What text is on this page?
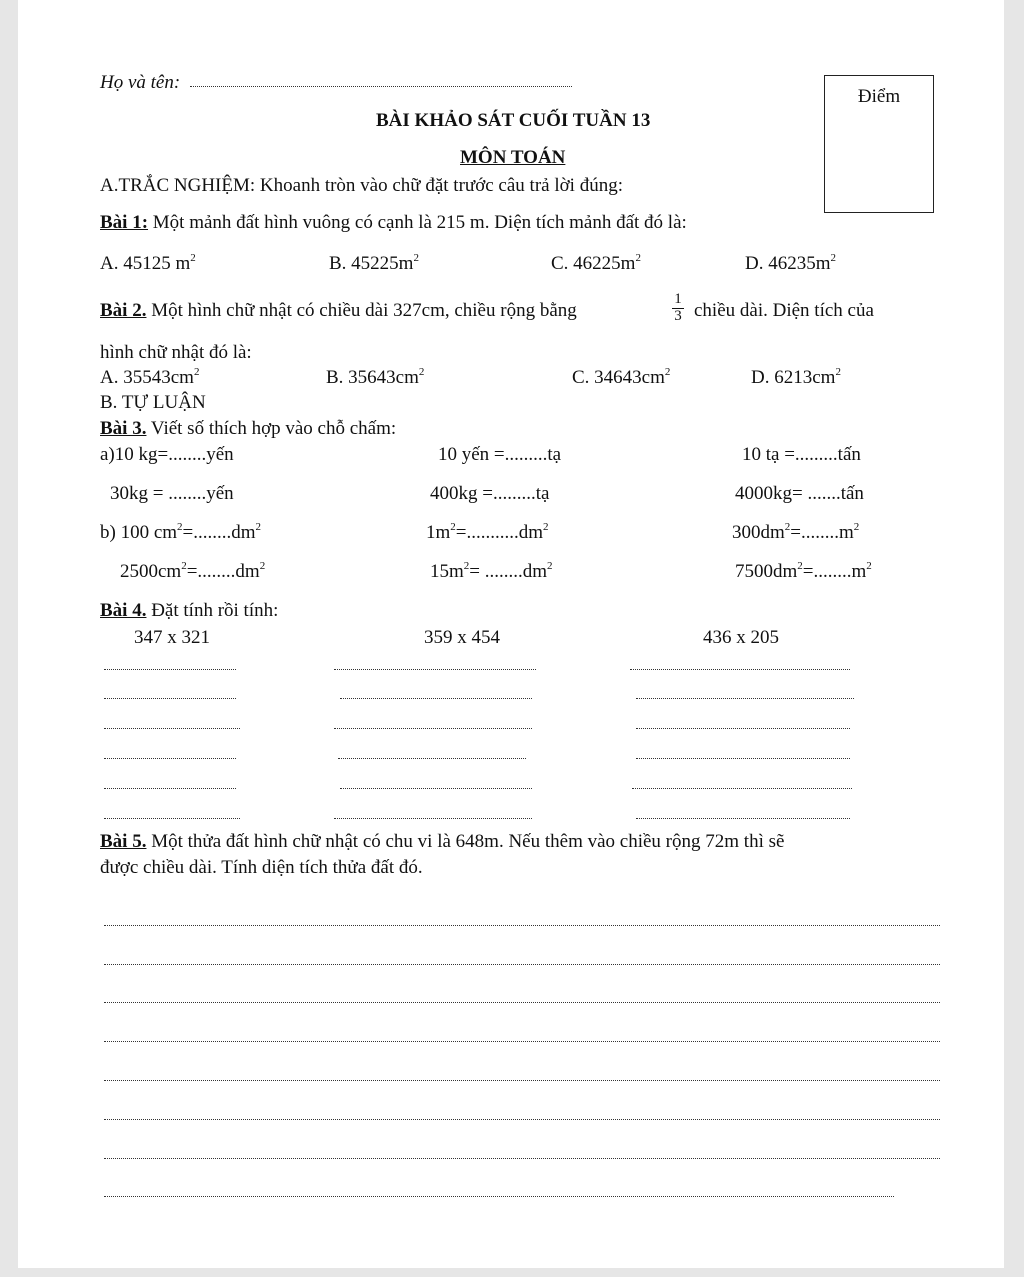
Họ và tên:
Điểm
BÀI KHẢO SÁT CUỐI TUẦN 13
MÔN TOÁN
A.TRẮC NGHIỆM: Khoanh tròn vào chữ đặt trước câu trả lời đúng:
Bài 1: Một mảnh đất hình vuông có cạnh là 215 m. Diện tích mảnh đất đó là:
A. 45125 $m^2$	B. $45225m^2$	C. $46225m^2$	D. $46235m^2$
Bài 2. Một hình chữ nhật có chiều dài 327cm, chiều rộng bằng	$\frac{1}{3}$ chiều dài. Diện tích của
hình chữ nhật đó là:
A. $35543cm^2$	B. $35643cm^2$	C. $34643cm^2$	D. $6213cm^2$
B. TỰ LUẬN
Bài 3. Viết số thích hợp vào chỗ chấm:
a)10 kg=........yến	10 yến =.........tạ	10 tạ =.........tấn
30kg = ........yến	400kg =.........tạ	4000kg= .......tấn
b) 100 $cm^2=........dm^2$	$1m^2=...........dm^2$	$300dm^2=........m^2$
$2500cm^2=........dm^2$	$15m^2= ........dm^2$	$7500dm^2=........m^2$
Bài 4. Đặt tính rồi tính:
347 x 321	359 x 454	436 x 205
Bài 5. Một thửa đất hình chữ nhật có chu vi là 648m. Nếu thêm vào chiều rộng 72m thì sẽ
được chiều dài. Tính diện tích thửa đất đó.
